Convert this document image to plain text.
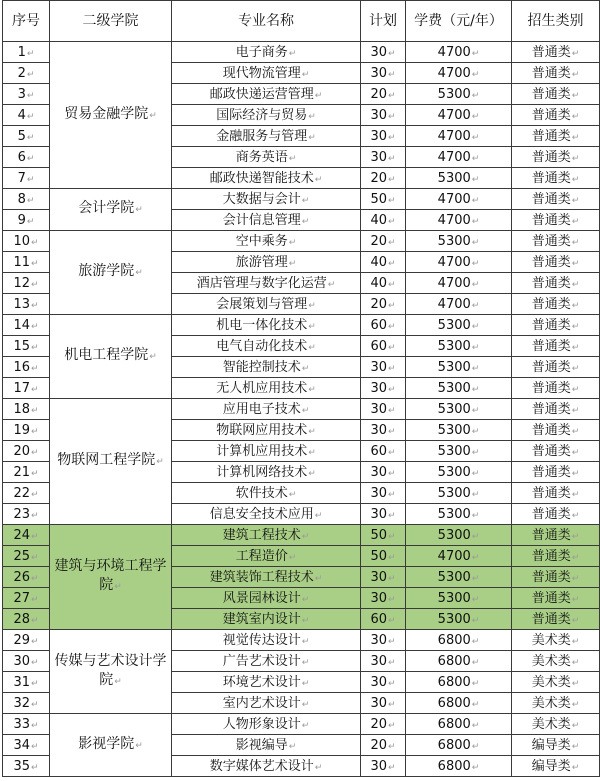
序号	二级学院	专业名称	计划	学费（元/年）	招生类别
1↵	贸易金融学院↵	电子商务↵	30↵	4700↵	普通类↵
2↵		现代物流管理↵	30↵	4700↵	普通类↵
3↵		邮政快递运营管理↵	20↵	5300↵	普通类↵
4↵		国际经济与贸易↵	30↵	4700↵	普通类↵
5↵		金融服务与管理↵	30↵	4700↵	普通类↵
6↵		商务英语↵	30↵	4700↵	普通类↵
7↵		邮政快递智能技术↵	20↵	5300↵	普通类↵
8↵	会计学院↵	大数据与会计↵	50↵	4700↵	普通类↵
9↵		会计信息管理↵	40↵	4700↵	普通类↵
10↵	旅游学院↵	空中乘务↵	20↵	5300↵	普通类↵
11↵		旅游管理↵	40↵	4700↵	普通类↵
12↵		酒店管理与数字化运营↵	40↵	4700↵	普通类↵
13↵		会展策划与管理↵	20↵	4700↵	普通类↵
14↵	机电工程学院↵	机电一体化技术↵	60↵	5300↵	普通类↵
15↵		电气自动化技术↵	60↵	5300↵	普通类↵
16↵		智能控制技术↵	30↵	5300↵	普通类↵
17↵		无人机应用技术↵	30↵	5300↵	普通类↵
18↵	物联网工程学院↵	应用电子技术↵	30↵	5300↵	普通类↵
19↵		物联网应用技术↵	30↵	5300↵	普通类↵
20↵		计算机应用技术↵	60↵	5300↵	普通类↵
21↵		计算机网络技术↵	30↵	5300↵	普通类↵
22↵		软件技术↵	30↵	5300↵	普通类↵
23↵		信息安全技术应用↵	30↵	5300↵	普通类↵
24↵	建筑与环境工程学院↵	建筑工程技术↵	50↵	5300↵	普通类↵
25↵		工程造价↵	50↵	4700↵	普通类↵
26↵		建筑装饰工程技术↵	30↵	5300↵	普通类↵
27↵		风景园林设计↵	30↵	5300↵	普通类↵
28↵		建筑室内设计↵	60↵	5300↵	普通类↵
29↵	传媒与艺术设计学院↵	视觉传达设计↵	30↵	6800↵	美术类↵
30↵		广告艺术设计↵	30↵	6800↵	美术类↵
31↵		环境艺术设计↵	30↵	6800↵	美术类↵
32↵		室内艺术设计↵	30↵	6800↵	美术类↵
33↵	影视学院↵	人物形象设计↵	20↵	6800↵	美术类↵
34↵		影视编导↵	20↵	6800↵	编导类↵
35↵		数字媒体艺术设计↵	30↵	6800↵	编导类↵
